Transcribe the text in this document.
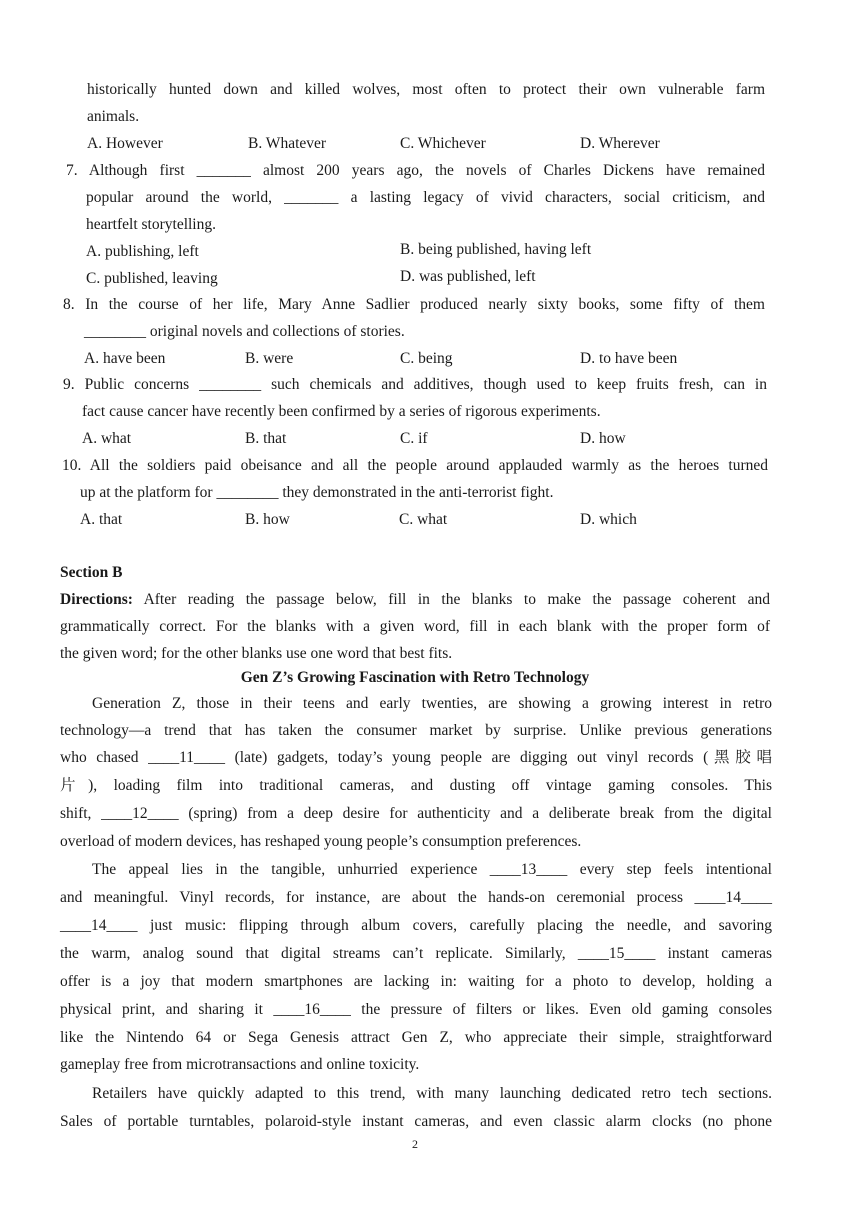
historically hunted down and killed wolves, most often to protect their own vulnerable farm
animals.
A. However	B. Whatever	C. Whichever	D. Wherever
7. Although first _______ almost 200 years ago, the novels of Charles Dickens have remained
popular around the world, _______ a lasting legacy of vivid characters, social criticism, and
heartfelt storytelling.
A. publishing, left	B. being published, having left
C. published, leaving	D. was published, left
8. In the course of her life, Mary Anne Sadlier produced nearly sixty books, some fifty of them
________ original novels and collections of stories.
A. have been	B. were	C. being	D. to have been
9. Public concerns ________ such chemicals and additives, though used to keep fruits fresh, can in
fact cause cancer have recently been confirmed by a series of rigorous experiments.
A. what	B. that	C. if	D. how
10. All the soldiers paid obeisance and all the people around applauded warmly as the heroes turned
up at the platform for ________ they demonstrated in the anti-terrorist fight.
A. that	B. how	C. what	D. which
Section B
Directions: After reading the passage below, fill in the blanks to make the passage coherent and
grammatically correct. For the blanks with a given word, fill in each blank with the proper form of
the given word; for the other blanks use one word that best fits.
Gen Z’s Growing Fascination with Retro Technology
Generation Z, those in their teens and early twenties, are showing a growing interest in retro
technology—a trend that has taken the consumer market by surprise. Unlike previous generations
who chased ____11____ (late) gadgets, today’s young people are digging out vinyl records (黑胶唱
片), loading film into traditional cameras, and dusting off vintage gaming consoles. This
shift, ____12____ (spring) from a deep desire for authenticity and a deliberate break from the digital
overload of modern devices, has reshaped young people’s consumption preferences.
The appeal lies in the tangible, unhurried experience ____13____ every step feels intentional
and meaningful. Vinyl records, for instance, are about the hands-on ceremonial process ____14____
____14____ just music: flipping through album covers, carefully placing the needle, and savoring
the warm, analog sound that digital streams can’t replicate. Similarly, ____15____ instant cameras
offer is a joy that modern smartphones are lacking in: waiting for a photo to develop, holding a
physical print, and sharing it ____16____ the pressure of filters or likes. Even old gaming consoles
like the Nintendo 64 or Sega Genesis attract Gen Z, who appreciate their simple, straightforward
gameplay free from microtransactions and online toxicity.
Retailers have quickly adapted to this trend, with many launching dedicated retro tech sections.
Sales of portable turntables, polaroid-style instant cameras, and even classic alarm clocks (no phone
2
